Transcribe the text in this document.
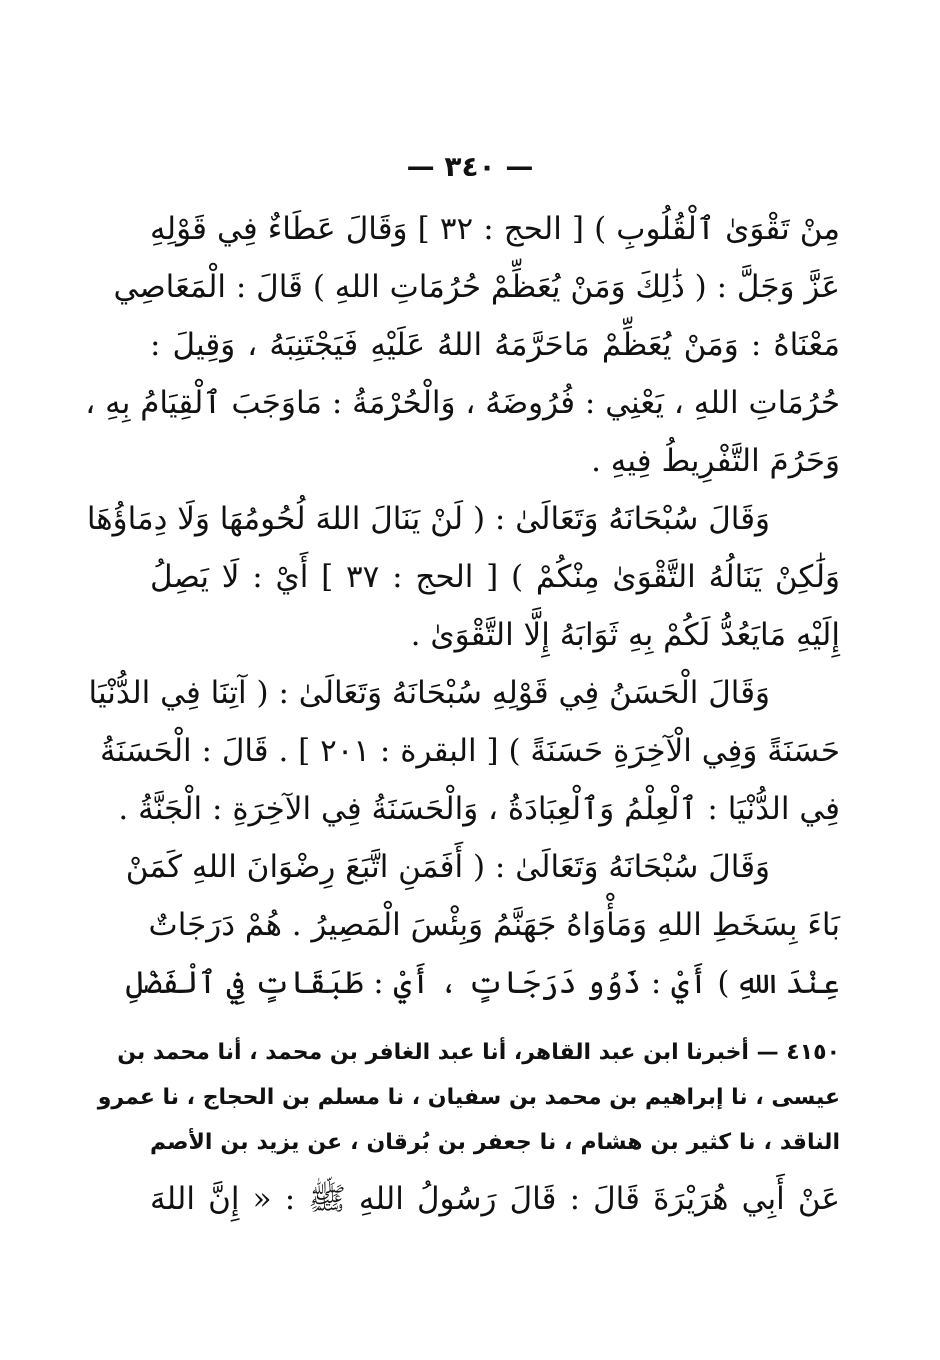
— ٣٤٠ —
مِنْ تَقْوَىٰ ٱلْقُلُوبِ ) [ الحج : ٣٢ ] وَقَالَ عَطَاءٌ فِي قَوْلِهِ
عَزَّ وَجَلَّ : ( ذَٰلِكَ وَمَنْ يُعَظِّمْ حُرُمَاتِ اللهِ ) قَالَ : الْمَعَاصِي
مَعْنَاهُ : وَمَنْ يُعَظِّمْ مَاحَرَّمَهُ اللهُ عَلَيْهِ فَيَجْتَنِبَهُ ، وَقِيلَ :
حُرُمَاتِ اللهِ ، يَعْنِي : فُرُوضَهُ ، وَالْحُرْمَةُ : مَاوَجَبَ ٱلْقِيَامُ بِهِ ،
وَحَرُمَ التَّفْرِيطُ فِيهِ .
وَقَالَ سُبْحَانَهُ وَتَعَالَىٰ : ( لَنْ يَنَالَ اللهَ لُحُومُهَا وَلَا دِمَاؤُهَا
وَلَٰكِنْ يَنَالُهُ التَّقْوَىٰ مِنْكُمْ ) [ الحج : ٣٧ ] أَيْ : لَا يَصِلُ
إِلَيْهِ مَايَعُدُّ لَكُمْ بِهِ ثَوَابَهُ إِلَّا التَّقْوَىٰ .
وَقَالَ الْحَسَنُ فِي قَوْلِهِ سُبْحَانَهُ وَتَعَالَىٰ : ( آتِنَا فِي الدُّنْيَا
حَسَنَةً وَفِي الْآخِرَةِ حَسَنَةً ) [ البقرة : ٢٠١ ] . قَالَ : الْحَسَنَةُ
فِي الدُّنْيَا : ٱلْعِلْمُ وَٱلْعِبَادَةُ ، وَالْحَسَنَةُ فِي الآخِرَةِ : الْجَنَّةُ .
وَقَالَ سُبْحَانَهُ وَتَعَالَىٰ : ( أَفَمَنِ اتَّبَعَ رِضْوَانَ اللهِ كَمَنْ
بَاءَ بِسَخَطِ اللهِ وَمَأْوَاهُ جَهَنَّمُ وَبِئْسَ الْمَصِيرُ . هُمْ دَرَجَاتٌ
عِنْدَ اللهِ ) أَيْ : ذَوُو دَرَجَاتٍ ، أَيْ : طَبَقَاتٍ فِي ٱلْفَضْلِ
٤١٥٠ — أخبرنا ابن عبد القاهر، أنا عبد الغافر بن محمد ، أنا محمد بن
عيسى ، نا إبراهيم بن محمد بن سفيان ، نا مسلم بن الحجاج ، نا عمرو
الناقد ، نا كثير بن هشام ، نا جعفر بن بُرقان ، عن يزيد بن الأصم
عَنْ أَبِي هُرَيْرَةَ قَالَ : قَالَ رَسُولُ اللهِ ﷺ : « إِنَّ اللهَ
